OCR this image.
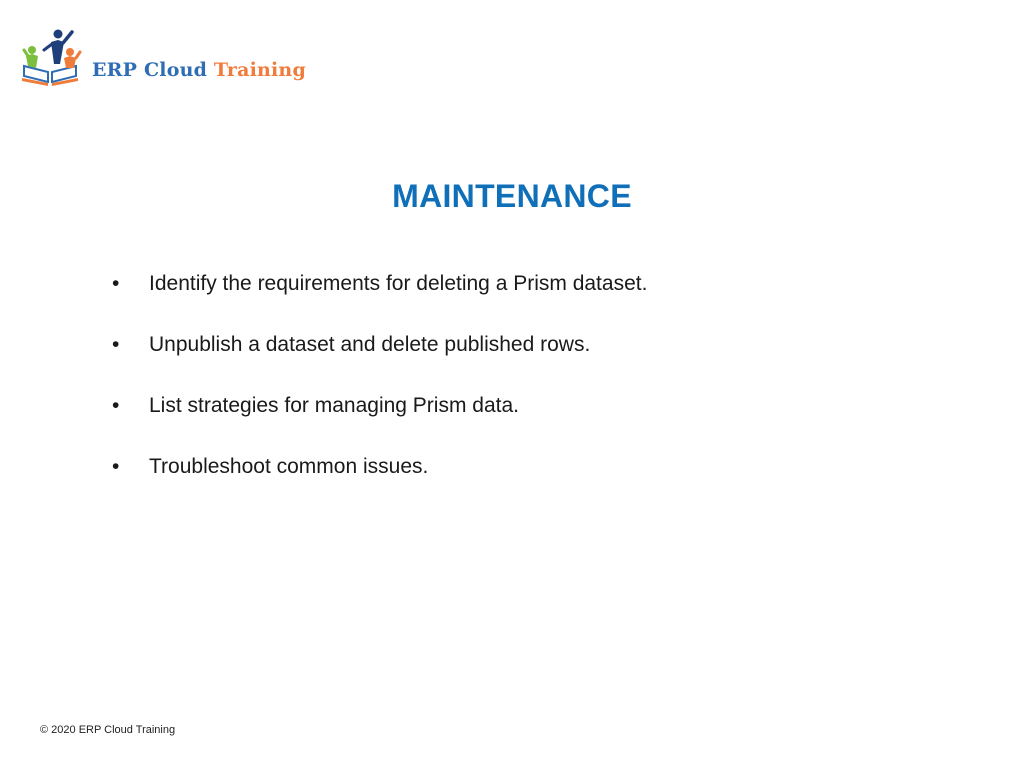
ERP Cloud Training
MAINTENANCE
• Identify the requirements for deleting a Prism dataset.
• Unpublish a dataset and delete published rows.
• List strategies for managing Prism data.
• Troubleshoot common issues.
© 2020 ERP Cloud Training
